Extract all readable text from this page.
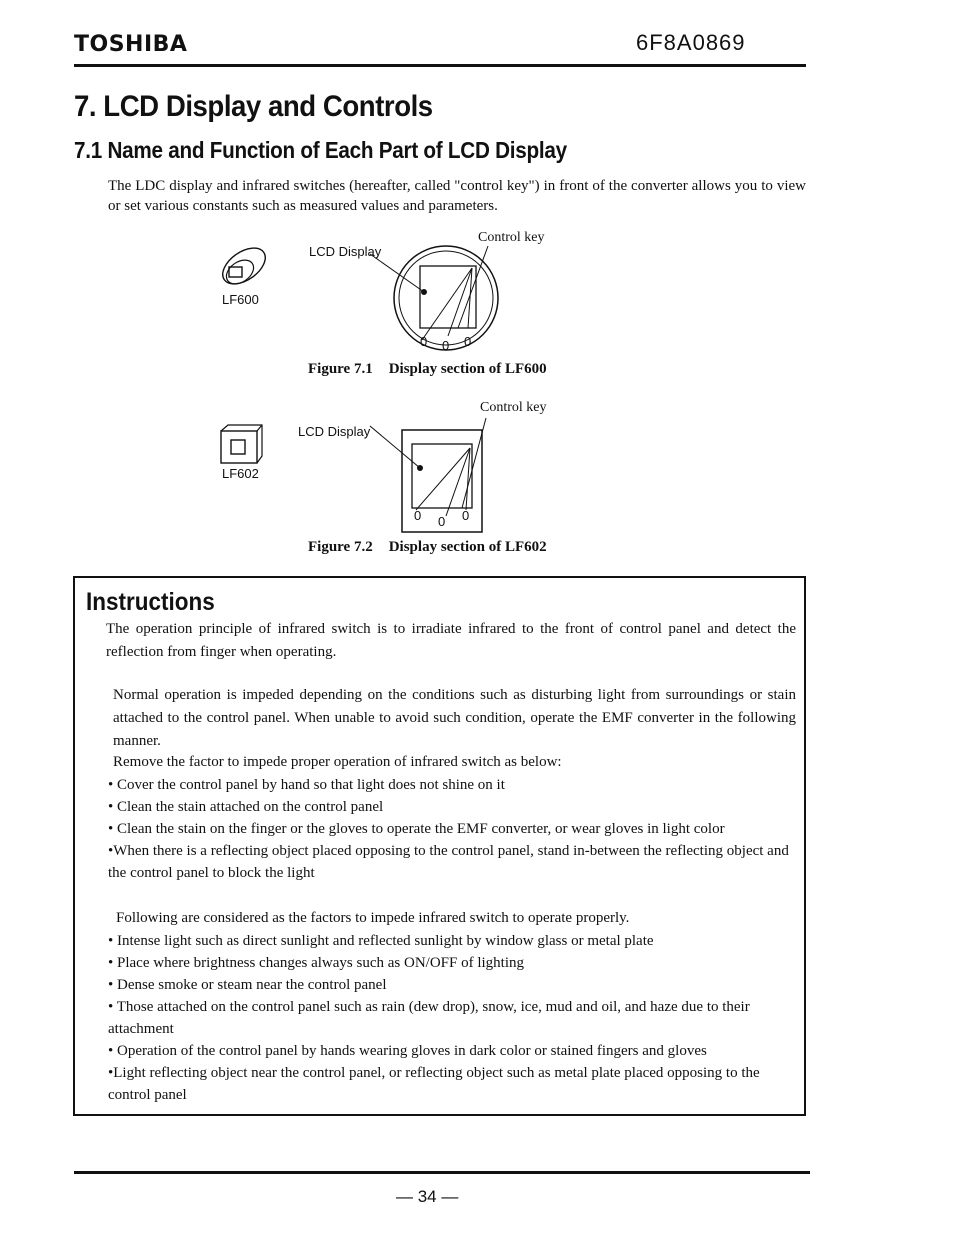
TOSHIBA	6F8A0869
7. LCD Display and Controls
7.1 Name and Function of Each Part of LCD Display
The LDC display and infrared switches (hereafter, called "control key") in front of the converter allows you to view or set various constants such as measured values and parameters.
LF600
LCD Display
Control key
0 0 0
Figure 7.1 Display section of LF600
LF602
LCD Display
Control key
0 0 0
Figure 7.2 Display section of LF602
Instructions
The operation principle of infrared switch is to irradiate infrared to the front of control panel and detect the reflection from finger when operating.
Normal operation is impeded depending on the conditions such as disturbing light from surroundings or stain attached to the control panel. When unable to avoid such condition, operate the EMF converter in the following manner.
Remove the factor to impede proper operation of infrared switch as below:
• Cover the control panel by hand so that light does not shine on it
• Clean the stain attached on the control panel
• Clean the stain on the finger or the gloves to operate the EMF converter, or wear gloves in light color
•When there is a reflecting object placed opposing to the control panel, stand in-between the reflecting object and the control panel to block the light
Following are considered as the factors to impede infrared switch to operate properly.
• Intense light such as direct sunlight and reflected sunlight by window glass or metal plate
• Place where brightness changes always such as ON/OFF of lighting
• Dense smoke or steam near the control panel
• Those attached on the control panel such as rain (dew drop), snow, ice, mud and oil, and haze due to their attachment
• Operation of the control panel by hands wearing gloves in dark color or stained fingers and gloves
•Light reflecting object near the control panel, or reflecting object such as metal plate placed opposing to the control panel
— 34 —
